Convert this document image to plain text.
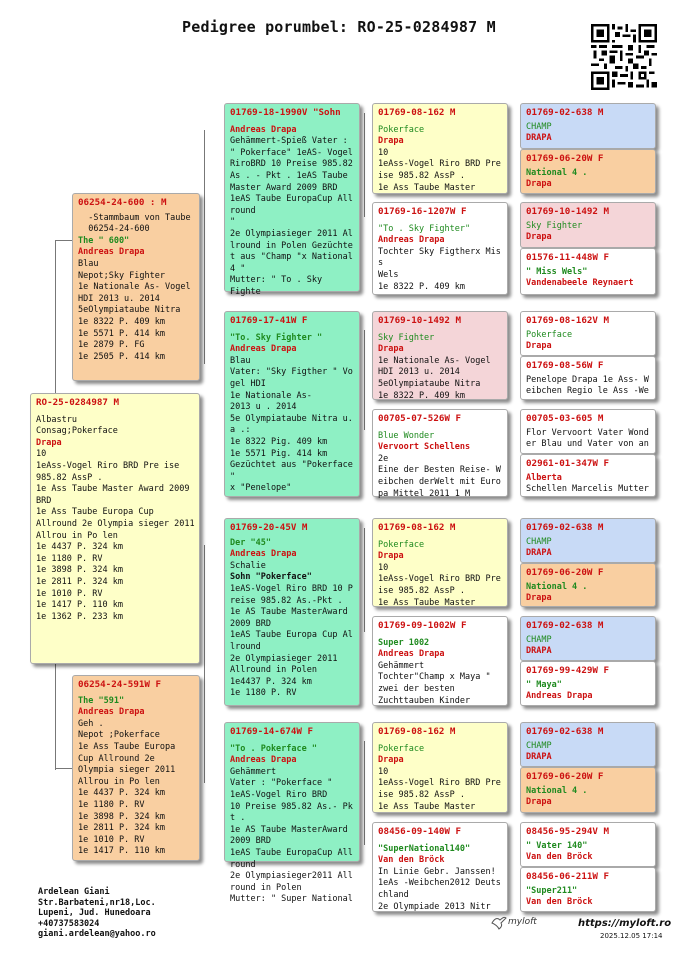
Pedigree porumbel: RO-25-0284987 M
RO-25-0284987 M
Albastru
Consag;Pokerface
Drapa
10
1eAss-Vogel Riro BRD Pre ise 985.82 AssP .
1e Ass Taube Master Award 2009 BRD
1e Ass Taube Europa Cup Allround 2e Olympia sieger 2011 Allrou in Po len
1e 4437 P. 324 km
1e 1180 P. RV
1e 3898 P. 324 km
1e 2811 P. 324 km
1e 1010 P. RV
1e 1417 P. 110 km
1e 1362 P. 233 km
06254-24-600 : M
-Stammbaum von Taube
06254-24-600
The " 600"
Andreas Drapa
Blau
Nepot;Sky Fighter
1e Nationale As- Vogel HDI 2013 u. 2014
5eOlympiataube Nitra
1e 8322 P. 409 km
1e 5571 P. 414 km
1e 2879 P. FG
1e 2505 P. 414 km
06254-24-591W F
The "591"
Andreas Drapa
Geh .
Nepot ;Pokerface
1e Ass Taube Europa Cup Allround 2e Olympia sieger 2011 Allrou in Po len
1e 4437 P. 324 km
1e 1180 P. RV
1e 3898 P. 324 km
1e 2811 P. 324 km
1e 1010 P. RV
1e 1417 P. 110 km
01769-18-1990V "Sohn
Andreas Drapa
Gehämmert-Spieß Vater :
" Pokerface" 1eAS- Vogel RiroBRD 10 Preise 985.82 As . - Pkt . 1eAS Taube Master Award 2009 BRD
1eAS Taube EuropaCup All round
"
2e Olympiasieger 2011 Al lround in Polen Gezüchte t aus "Champ "x National 4 "
Mutter: " To . Sky Fighte
01769-17-41W F
"To. Sky Fighter "
Andreas Drapa
Blau
Vater: "Sky Figther " Vo gel HDI
1e Nationale As-
2013 u . 2014
5e Olympiataube Nitra u. a .:
1e 8322 Pig. 409 km
1e 5571 Pig. 414 km
Gezüchtet aus "Pokerface "
x "Penelope"
01769-20-45V M
Der "45"
Andreas Drapa
Schalie
Sohn "Pokerface"
1eAS-Vogel Riro BRD 10 P reise 985.82 As.-Pkt .
1e AS Taube MasterAward 2009 BRD
1eAS Taube Europa Cup Al lround
2e Olympiasieger 2011
Allround in Polen
1e4437 P. 324 km
1e 1180 P. RV
01769-14-674W F
"To . Pokerface "
Andreas Drapa
Gehämmert
Vater : "Pokerface "
1eAS-Vogel Riro BRD
10 Preise 985.82 As.- Pk t .
1e AS Taube MasterAward 2009 BRD
1eAS Taube EuropaCup All round
2e Olympiasieger2011 All round in Polen
Mutter: " Super National
01769-08-162 M
Pokerface
Drapa
10
1eAss-Vogel Riro BRD Pre ise 985.82 AssP .
1e Ass Taube Master
01769-16-1207W F
"To . Sky Fighter"
Andreas Drapa
Tochter Sky Figtherx Mis s
Wels
1e 8322 P. 409 km
01769-10-1492 M
Sky Fighter
Drapa
1e Nationale As- Vogel HDI 2013 u. 2014
5eOlympiataube Nitra
1e 8322 P. 409 km
00705-07-526W F
Blue Wonder
Vervoort Schellens
2e
Eine der Besten Reise- W eibchen derWelt mit Euro
pa Mittel 2011 1 M
01769-08-162 M
Pokerface
Drapa
10
1eAss-Vogel Riro BRD Pre ise 985.82 AssP .
1e Ass Taube Master
01769-09-1002W F
Super 1002
Andreas Drapa
Gehämmert
Tochter"Champ x Maya "
zwei der besten
Zuchttauben Kinder
01769-08-162 M
Pokerface
Drapa
10
1eAss-Vogel Riro BRD Pre ise 985.82 AssP .
1e Ass Taube Master
08456-09-140W F
"SuperNational140"
Van den Bröck
In Linie Gebr. Janssen!
1eAs -Weibchen2012 Deuts chland
2e Olympiade 2013 Nitr
01769-02-638 M
CHAMP
DRAPA
01769-06-20W F
National 4 .
Drapa
01769-10-1492 M
Sky Fighter
Drapa
01576-11-448W F
" Miss Wels"
Vandenabeele Reynaert
01769-08-162V M
Pokerface
Drapa
01769-08-56W F
Penelope Drapa 1e Ass- W eibchen Regio le Ass -We
00705-03-605 M
Flor Vervoort Vater Wond er Blau und Vater von an
02961-01-347W F
Alberta
Schellen Marcelis Mutter
01769-02-638 M
CHAMP
DRAPA
01769-06-20W F
National 4 .
Drapa
01769-02-638 M
CHAMP
DRAPA
01769-99-429W F
" Maya"
Andreas Drapa
01769-02-638 M
CHAMP
DRAPA
01769-06-20W F
National 4 .
Drapa
08456-95-294V M
" Vater 140"
Van den Bröck
08456-06-211W F
"Super211"
Van den Bröck
Ardelean Giani
Str.Barbateni,nr18,Loc.
Lupeni, Jud. Hunedoara
+40737583024
giani.ardelean@yahoo.ro
myloft	https://myloft.ro
2025.12.05 17:14
